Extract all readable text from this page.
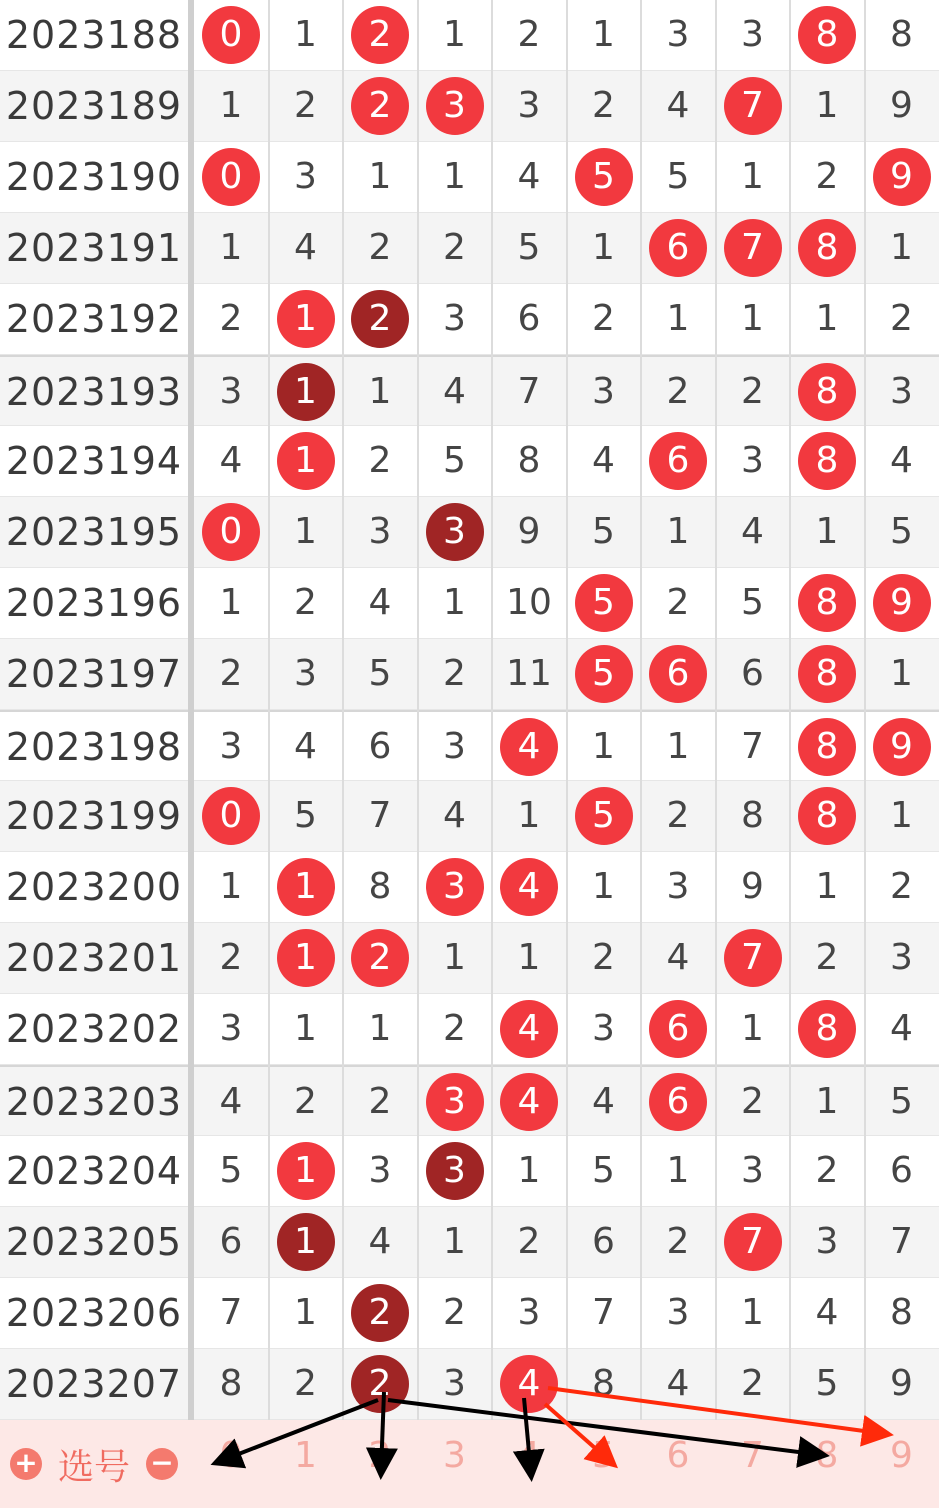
2023188	0	1	2	1	2	1	3	3	8	8
2023189	1	2	2	3	3	2	4	7	1	9
2023190	0	3	1	1	4	5	5	1	2	9
2023191	1	4	2	2	5	1	6	7	8	1
2023192	2	1	2	3	6	2	1	1	1	2
2023193	3	1	1	4	7	3	2	2	8	3
2023194	4	1	2	5	8	4	6	3	8	4
2023195	0	1	3	3	9	5	1	4	1	5
2023196	1	2	4	1	10	5	2	5	8	9
2023197	2	3	5	2	11	5	6	6	8	1
2023198	3	4	6	3	4	1	1	7	8	9
2023199	0	5	7	4	1	5	2	8	8	1
2023200	1	1	8	3	4	1	3	9	1	2
2023201	2	1	2	1	1	2	4	7	2	3
2023202	3	1	1	2	4	3	6	1	8	4
2023203	4	2	2	3	4	4	6	2	1	5
2023204	5	1	3	3	1	5	1	3	2	6
2023205	6	1	4	1	2	6	2	7	3	7
2023206	7	1	2	2	3	7	3	1	4	8
2023207	8	2	2	3	4	8	4	2	5	9
+ 选号 −	0	1	2	3	4	5	6	7	8	9
